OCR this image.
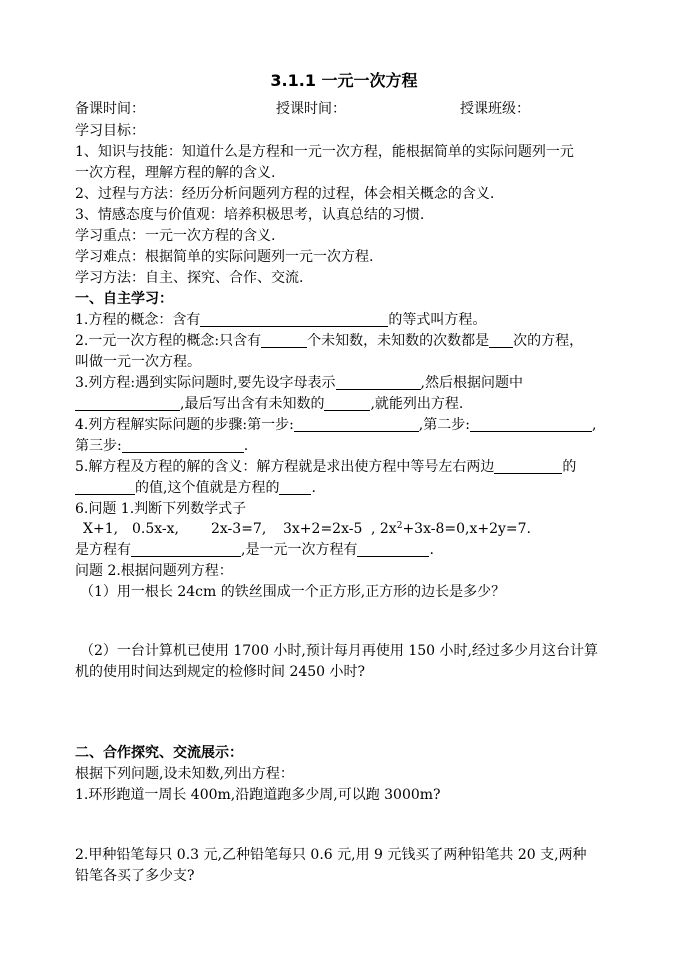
3.1.1 一元一次方程
备课时间：	授课时间：	授课班级：
学习目标：
1、知识与技能：知道什么是方程和一元一次方程，能根据简单的实际问题列一元
一次方程，理解方程的解的含义.
2、过程与方法：经历分析问题列方程的过程，体会相关概念的含义.
3、情感态度与价值观：培养积极思考，认真总结的习惯.
学习重点：一元一次方程的含义.
学习难点：根据简单的实际问题列一元一次方程.
学习方法：自主、探究、合作、交流.
一、自主学习：
1.方程的概念：含有	的等式叫方程。
2.一元一次方程的概念:只含有	个未知数，未知数的次数都是 次的方程，
叫做一元一次方程。
3.列方程:遇到实际问题时,要先设字母表示	,然后根据问题中
,最后写出含有未知数的	,就能列出方程.
4.列方程解实际问题的步骤:第一步:	,第二步:	,
第三步:	.
5.解方程及方程的解的含义：解方程就是求出使方程中等号左右两边	的
的值,这个值就是方程的 .
6.问题 1.判断下列数学式子
X+1, 0.5x-x, 2x-3=7, 3x+2=2x-5 , $2x^2+3x-8=0,x+2y=7$.
是方程有	,是一元一次方程有	.
问题 2.根据问题列方程：
（1）用一根长 24cm 的铁丝围成一个正方形,正方形的边长是多少？
（2）一台计算机已使用 1700 小时,预计每月再使用 150 小时,经过多少月这台计算
机的使用时间达到规定的检修时间 2450 小时?
二、合作探究、交流展示：
根据下列问题,设未知数,列出方程：
1.环形跑道一周长 400m,沿跑道跑多少周,可以跑 3000m?
2.甲种铅笔每只 0.3 元,乙种铅笔每只 0.6 元,用 9 元钱买了两种铅笔共 20 支,两种
铅笔各买了多少支?
